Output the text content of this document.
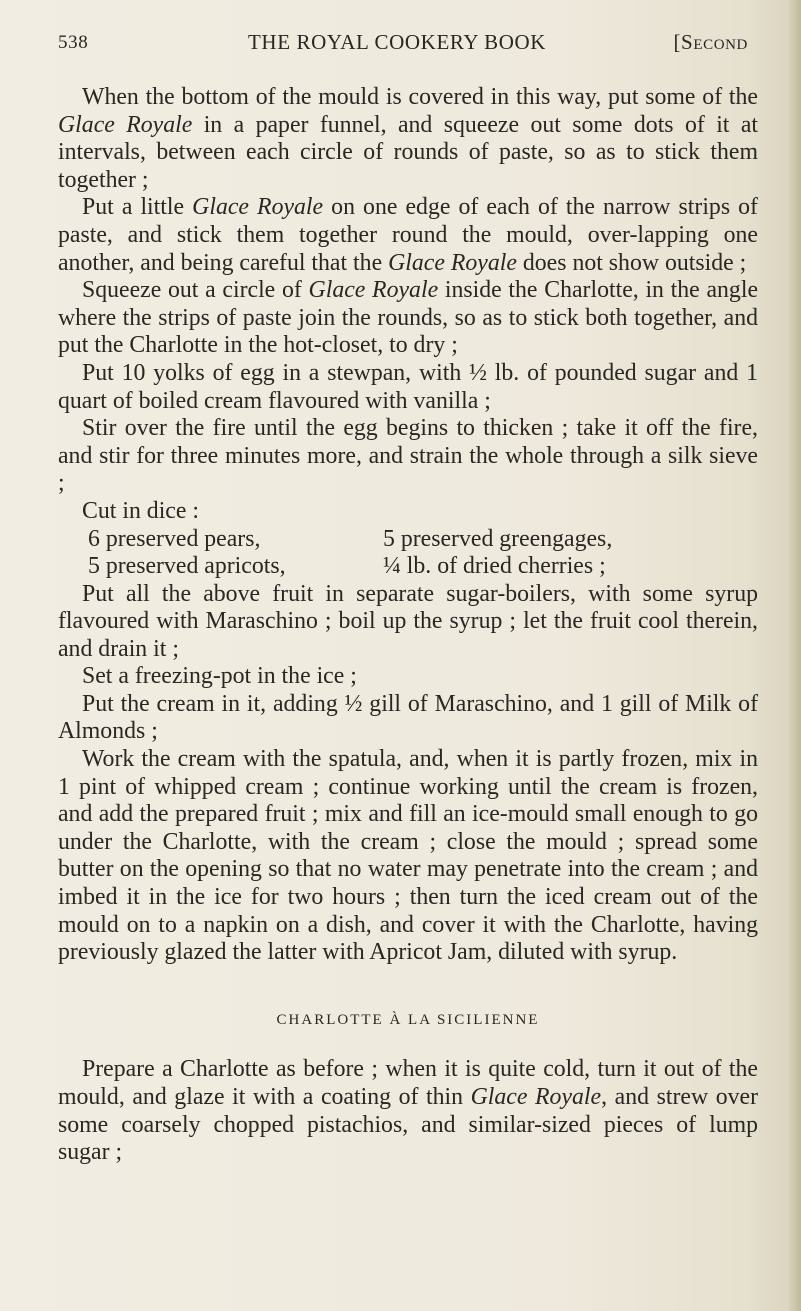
538	THE ROYAL COOKERY BOOK	[Second

When the bottom of the mould is covered in this way, put some of the Glace Royale in a paper funnel, and squeeze out some dots of it at intervals, between each circle of rounds of paste, so as to stick them together ;

Put a little Glace Royale on one edge of each of the narrow strips of paste, and stick them together round the mould, over-lapping one another, and being careful that the Glace Royale does not show outside ;

Squeeze out a circle of Glace Royale inside the Charlotte, in the angle where the strips of paste join the rounds, so as to stick both together, and put the Charlotte in the hot-closet, to dry ;

Put 10 yolks of egg in a stewpan, with ½ lb. of pounded sugar and 1 quart of boiled cream flavoured with vanilla ;

Stir over the fire until the egg begins to thicken ; take it off the fire, and stir for three minutes more, and strain the whole through a silk sieve ;

Cut in dice :

6 preserved pears,	5 preserved greengages,
5 preserved apricots,	¼ lb. of dried cherries ;

Put all the above fruit in separate sugar-boilers, with some syrup flavoured with Maraschino ; boil up the syrup ; let the fruit cool therein, and drain it ;

Set a freezing-pot in the ice ;

Put the cream in it, adding ½ gill of Maraschino, and 1 gill of Milk of Almonds ;

Work the cream with the spatula, and, when it is partly frozen, mix in 1 pint of whipped cream ; continue working until the cream is frozen, and add the prepared fruit ; mix and fill an ice-mould small enough to go under the Charlotte, with the cream ; close the mould ; spread some butter on the opening so that no water may penetrate into the cream ; and imbed it in the ice for two hours ; then turn the iced cream out of the mould on to a napkin on a dish, and cover it with the Charlotte, having previously glazed the latter with Apricot Jam, diluted with syrup.

CHARLOTTE À LA SICILIENNE

Prepare a Charlotte as before ; when it is quite cold, turn it out of the mould, and glaze it with a coating of thin Glace Royale, and strew over some coarsely chopped pistachios, and similar-sized pieces of lump sugar ;
